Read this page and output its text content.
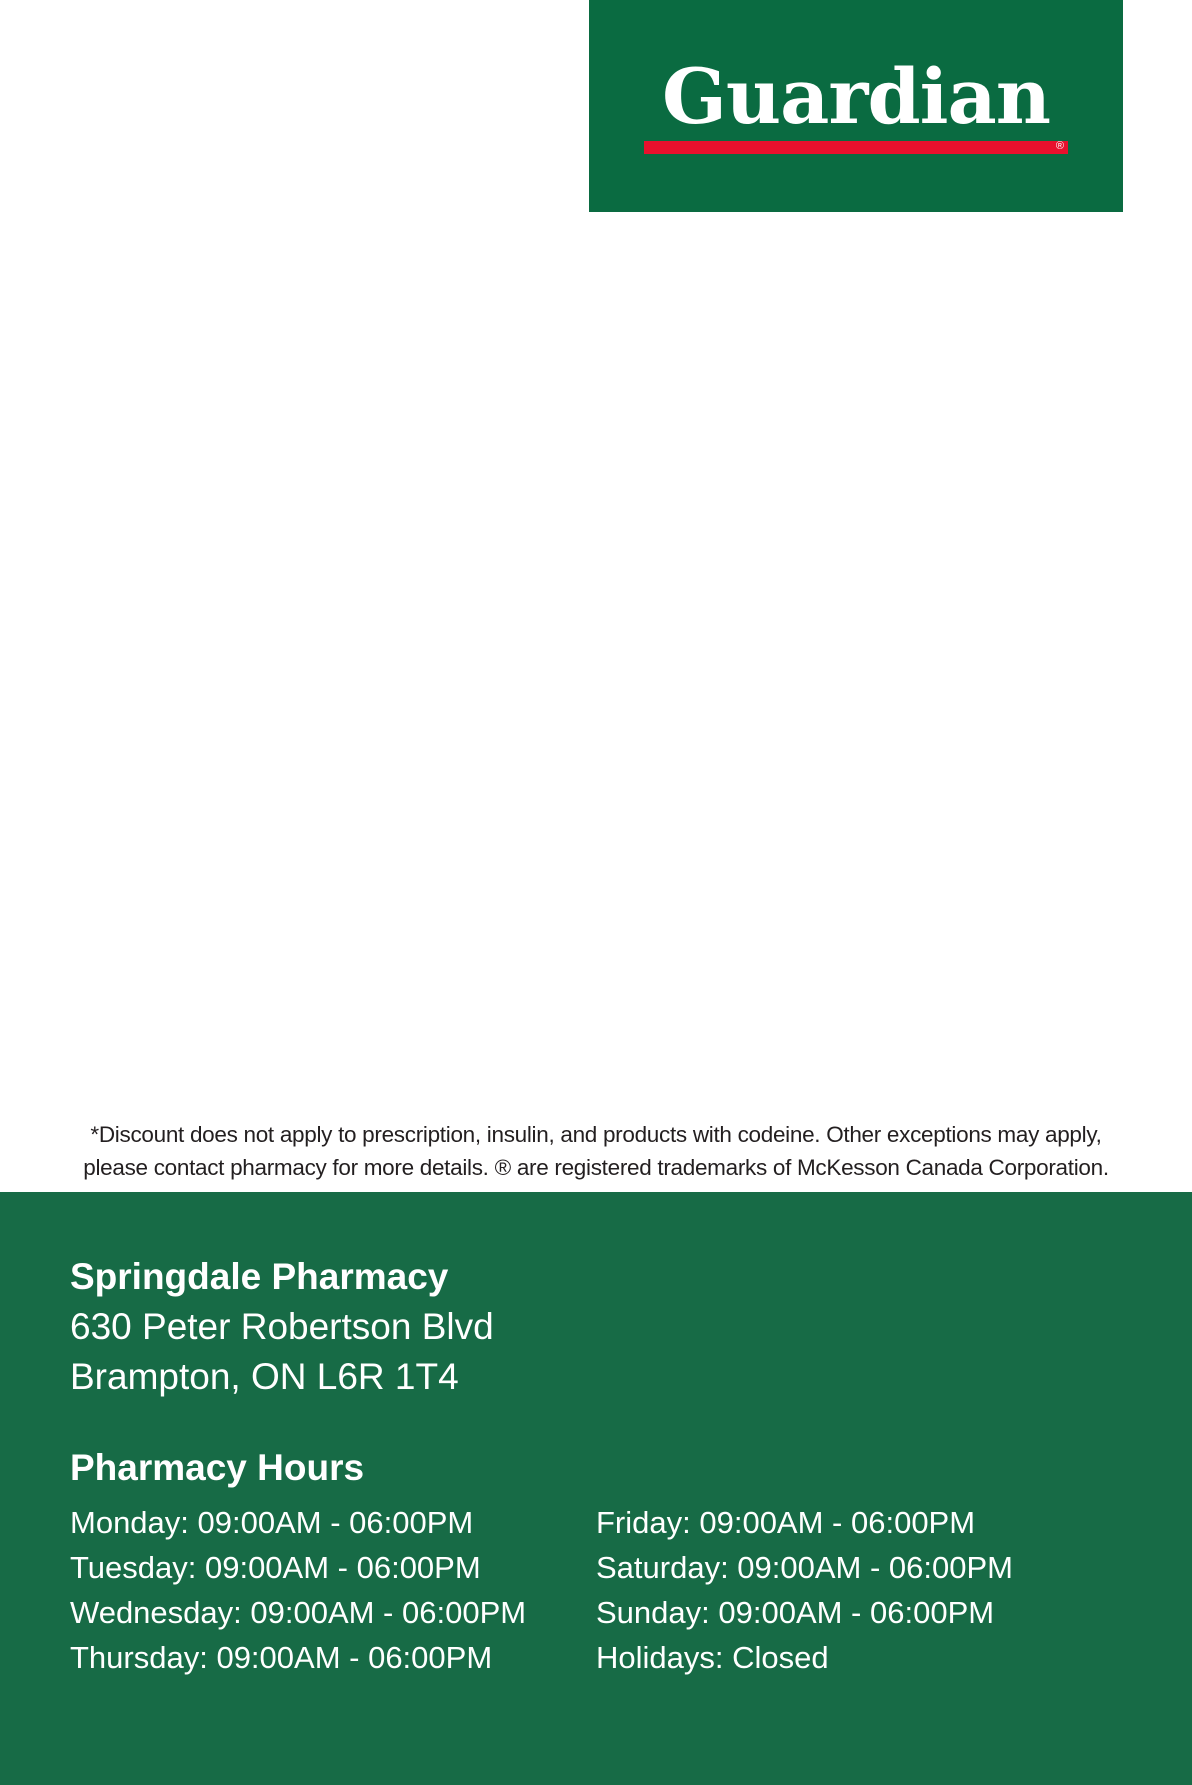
Guardian
®
*Discount does not apply to prescription, insulin, and products with codeine. Other exceptions may apply,
please contact pharmacy for more details. ® are registered trademarks of McKesson Canada Corporation.
Springdale Pharmacy
630 Peter Robertson Blvd
Brampton, ON L6R 1T4
Pharmacy Hours
Monday: 09:00AM - 06:00PM
Tuesday: 09:00AM - 06:00PM
Wednesday: 09:00AM - 06:00PM
Thursday: 09:00AM - 06:00PM
Friday: 09:00AM - 06:00PM
Saturday: 09:00AM - 06:00PM
Sunday: 09:00AM - 06:00PM
Holidays: Closed
